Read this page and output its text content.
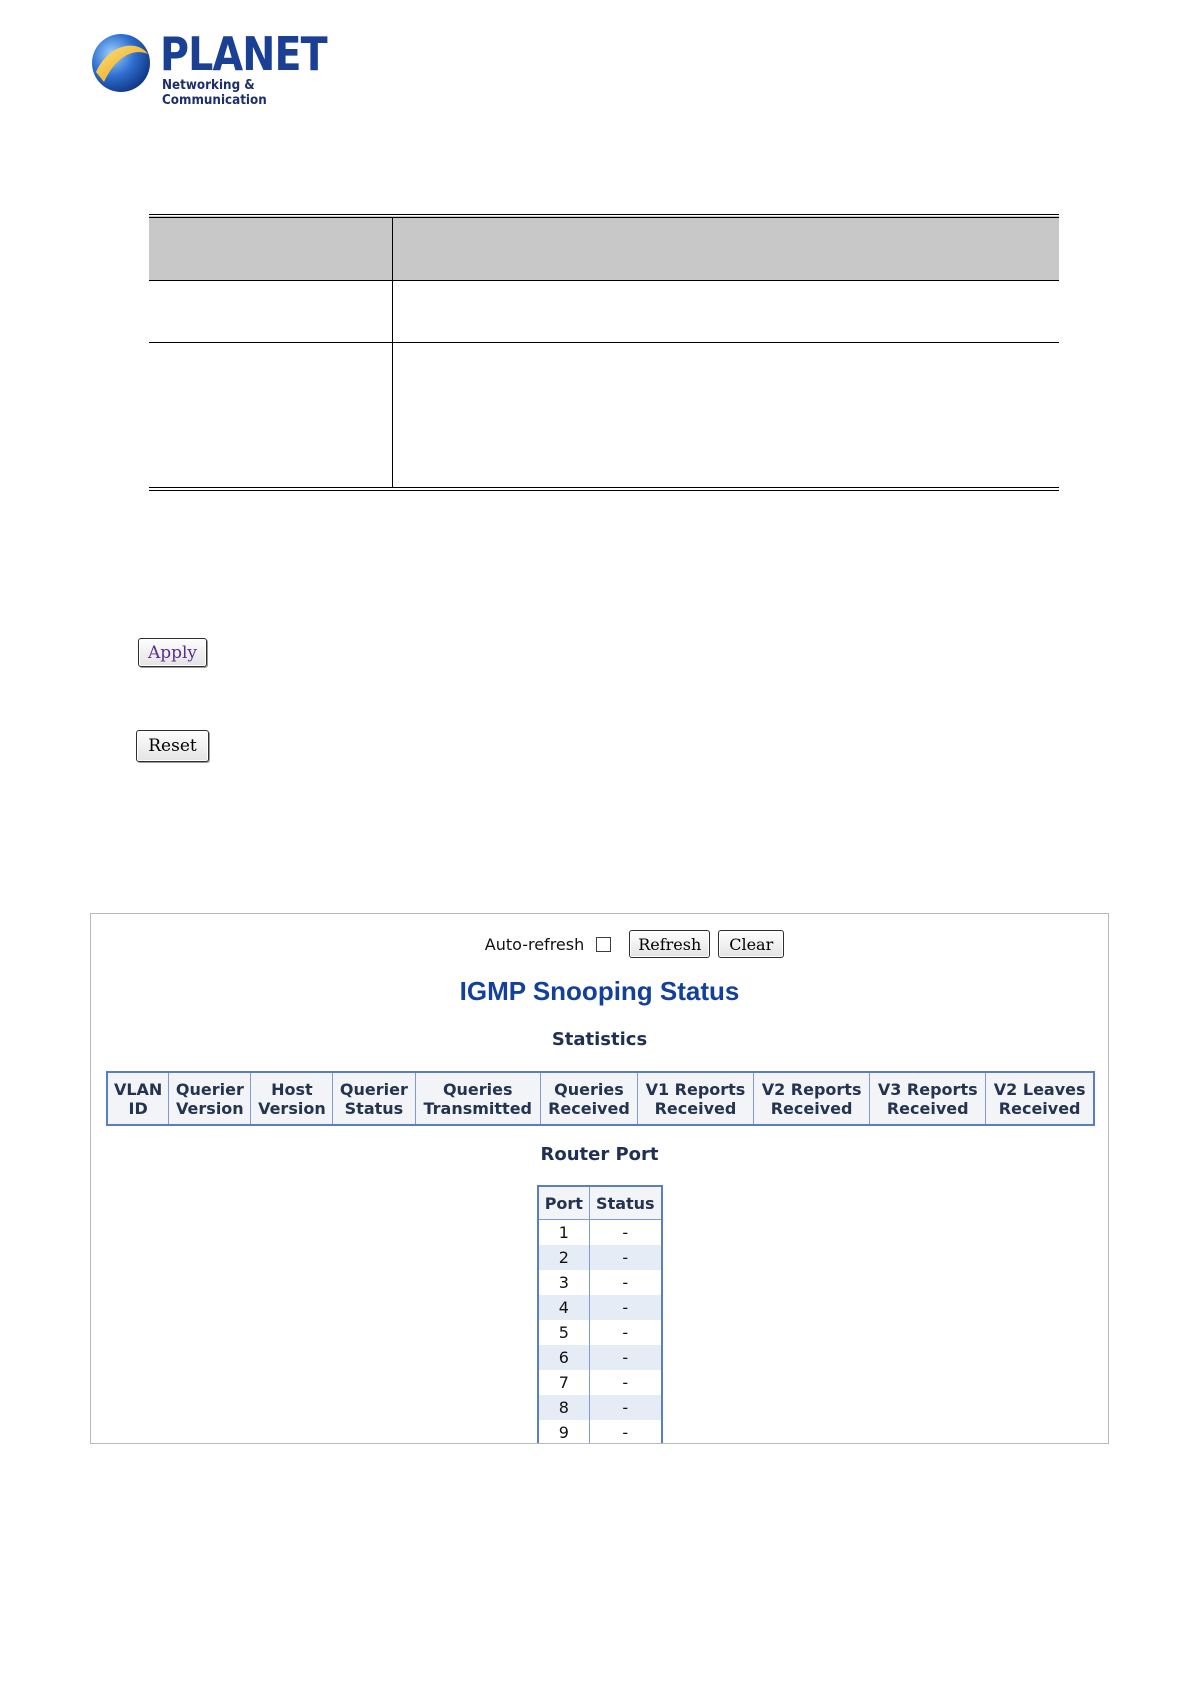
PLANET
Networking & Communication

Apply
Reset
Auto-refresh	Refresh	Clear
IGMP Snooping Status
Statistics
VLAN
ID

Querier
Version

Host
Version

Querier
Status

Queries
Transmitted

Queries
Received

V1 Reports
Received

V2 Reports
Received

V3 Reports
Received

V2 Leaves
Received
Router Port
Port	Status
1	-
2	-
3	-
4	-
5	-
6	-
7	-
8	-
9	-
